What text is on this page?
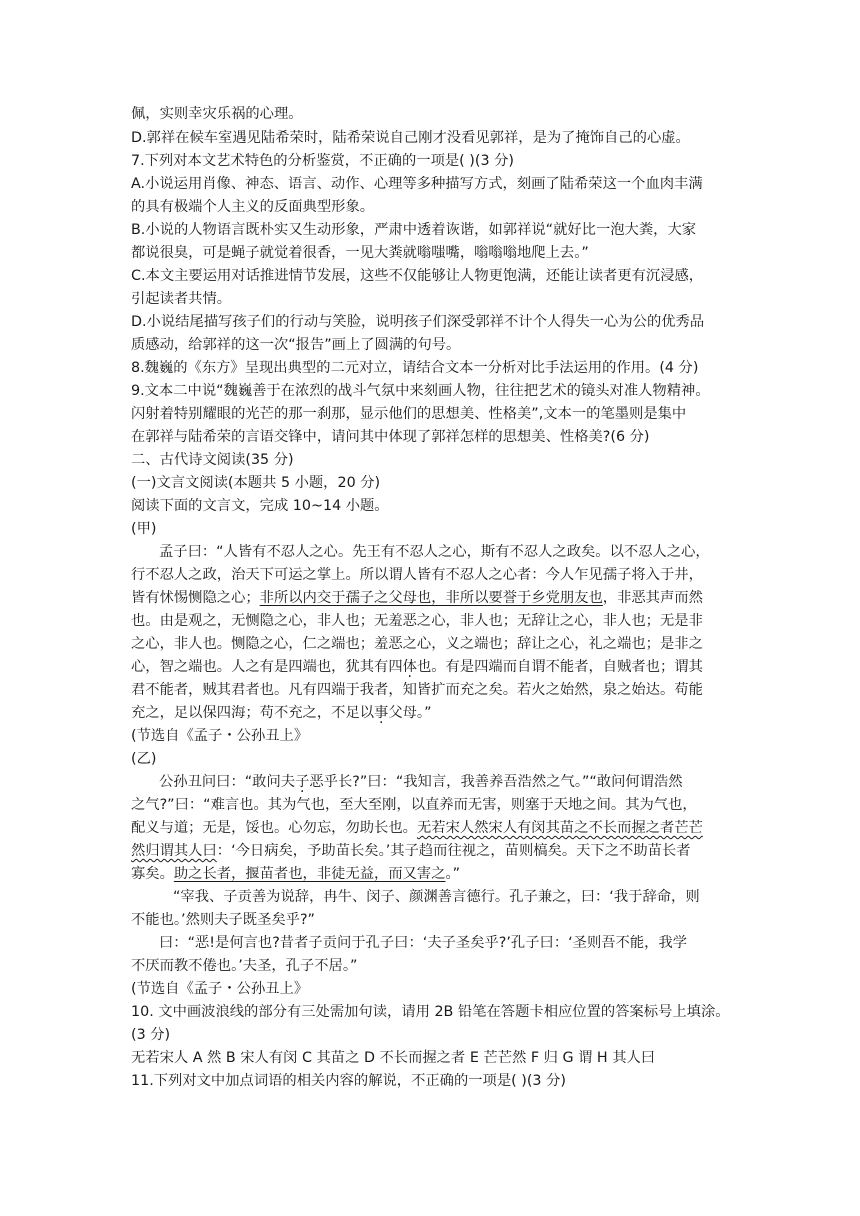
佩，实则幸灾乐祸的心理。
D.郭祥在候车室遇见陆希荣时，陆希荣说自己刚才没看见郭祥，是为了掩饰自己的心虚。
7.下列对本文艺术特色的分析鉴赏，不正确的一项是( )(3 分)
A.小说运用肖像、神态、语言、动作、心理等多种描写方式，刻画了陆希荣这一个血肉丰满
的具有极端个人主义的反面典型形象。
B.小说的人物语言既朴实又生动形象，严肃中透着诙谐，如郭祥说“就好比一泡大粪，大家
都说很臭，可是蝇子就觉着很香，一见大粪就嗡嗤嘴，嗡嗡嗡地爬上去。”
C.本文主要运用对话推进情节发展，这些不仅能够让人物更饱满，还能让读者更有沉浸感，
引起读者共情。
D.小说结尾描写孩子们的行动与笑脸，说明孩子们深受郭祥不计个人得失一心为公的优秀品
质感动，给郭祥的这一次“报告”画上了圆满的句号。
8.魏巍的《东方》呈现出典型的二元对立，请结合文本一分析对比手法运用的作用。(4 分)
9.文本二中说“魏巍善于在浓烈的战斗气氛中来刻画人物，往往把艺术的镜头对准人物精神。
闪射着特别耀眼的光芒的那一刹那，显示他们的思想美、性格美”,文本一的笔墨则是集中
在郭祥与陆希荣的言语交锋中，请问其中体现了郭祥怎样的思想美、性格美?(6 分)
二、古代诗文阅读(35 分)
(一)文言文阅读(本题共 5 小题，20 分)
阅读下面的文言文，完成 10~14 小题。
(甲)
孟子曰：“人皆有不忍人之心。先王有不忍人之心，斯有不忍人之政矣。以不忍人之心，
行不忍人之政，治天下可运之掌上。所以谓人皆有不忍人之心者：今人乍见孺子将入于井，
皆有怵惕恻隐之心；非所以内交于孺子之父母也，非所以要誉于乡党朋友也，非恶其声而然
也。由是观之，无恻隐之心，非人也；无羞恶之心，非人也；无辞让之心，非人也；无是非
之心，非人也。恻隐之心，仁之端也；羞恶之心，义之端也；辞让之心，礼之端也；是非之
心，智之端也。人之有是四端也，犹其有四体也。有是四端而自谓不能者，自贼者也；谓其
君不能者，贼其君者也。凡有四端于我者，知皆扩而充之矣。若火之始然，泉之始达。苟能
充之，足以保四海；苟不充之，不足以事父母。”
(节选自《孟子・公孙丑上》
(乙)
公孙丑问曰：“敢问夫子恶乎长?”曰：“我知言，我善养吾浩然之气。”“敢问何谓浩然
之气?”曰：“难言也。其为气也，至大至刚，以直养而无害，则塞于天地之间。其为气也，
配义与道；无是，馁也。心勿忘，勿助长也。无若宋人然宋人有闵其苗之不长而握之者芒芒
然归谓其人曰：‘今日病矣，予助苗长矣。’其子趋而往视之，苗则槁矣。天下之不助苗长者
寡矣。助之长者，揠苗者也，非徒无益，而又害之。”
“宰我、子贡善为说辞，冉牛、闵子、颜渊善言德行。孔子兼之，曰：‘我于辞命，则
不能也。’然则夫子既圣矣乎?”
曰：“恶!是何言也?昔者子贡问于孔子曰：‘夫子圣矣乎?’孔子曰：‘圣则吾不能，我学
不厌而教不倦也。’夫圣，孔子不居。”
(节选自《孟子・公孙丑上》
10. 文中画波浪线的部分有三处需加句读，请用 2B 铅笔在答题卡相应位置的答案标号上填涂。
(3 分)
无若宋人 A 然 B 宋人有闵 C 其苗之 D 不长而握之者 E 芒芒然 F 归 G 谓 H 其人曰
11.下列对文中加点词语的相关内容的解说，不正确的一项是( )(3 分)
